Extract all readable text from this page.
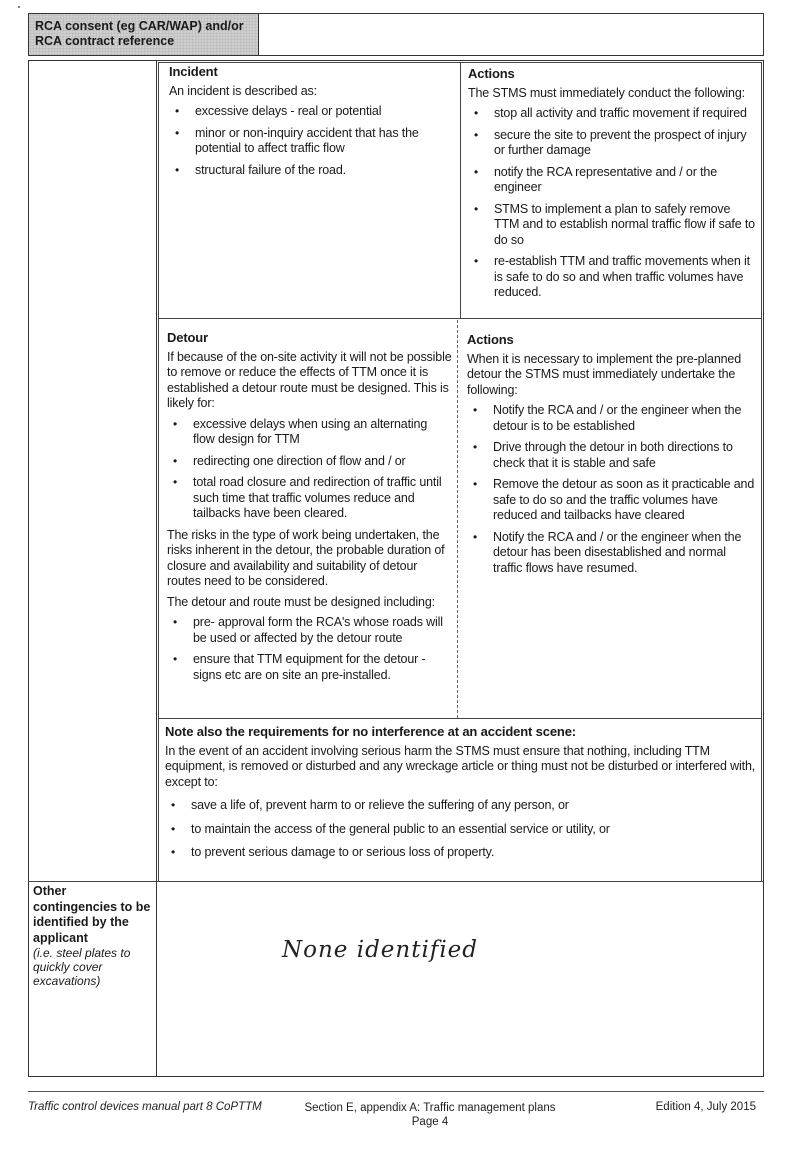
RCA consent (eg CAR/WAP) and/or
RCA contract reference
Incident

An incident is described as:

• excessive delays - real or potential
• minor or non-inquiry accident that has the potential to affect traffic flow
• structural failure of the road.
Actions

The STMS must immediately conduct the following:

• stop all activity and traffic movement if required
• secure the site to prevent the prospect of injury or further damage
• notify the RCA representative and / or the engineer
• STMS to implement a plan to safely remove TTM and to establish normal traffic flow if safe to do so
• re-establish TTM and traffic movements when it is safe to do so and when traffic volumes have reduced.
Detour

If because of the on-site activity it will not be possible to remove or reduce the effects of TTM once it is established a detour route must be designed. This is likely for:

• excessive delays when using an alternating flow design for TTM
• redirecting one direction of flow and / or
• total road closure and redirection of traffic until such time that traffic volumes reduce and tailbacks have been cleared.

The risks in the type of work being undertaken, the risks inherent in the detour, the probable duration of closure and availability and suitability of detour routes need to be considered.

The detour and route must be designed including:

• pre- approval form the RCA's whose roads will be used or affected by the detour route
• ensure that TTM equipment for the detour - signs etc are on site an pre-installed.
Actions

When it is necessary to implement the pre-planned detour the STMS must immediately undertake the following:

• Notify the RCA and / or the engineer when the detour is to be established
• Drive through the detour in both directions to check that it is stable and safe
• Remove the detour as soon as it practicable and safe to do so and the traffic volumes have reduced and tailbacks have cleared
• Notify the RCA and / or the engineer when the detour has been disestablished and normal traffic flows have resumed.
Note also the requirements for no interference at an accident scene:

In the event of an accident involving serious harm the STMS must ensure that nothing, including TTM equipment, is removed or disturbed and any wreckage article or thing must not be disturbed or interfered with, except to:

• save a life of, prevent harm to or relieve the suffering of any person, or
• to maintain the access of the general public to an essential service or utility, or
• to prevent serious damage to or serious loss of property.
Other contingencies to be identified by the applicant
(i.e. steel plates to quickly cover excavations)
None identified
Traffic control devices manual part 8 CoPTTM	Section E, appendix A: Traffic management plans
Page 4
Edition 4, July 2015
